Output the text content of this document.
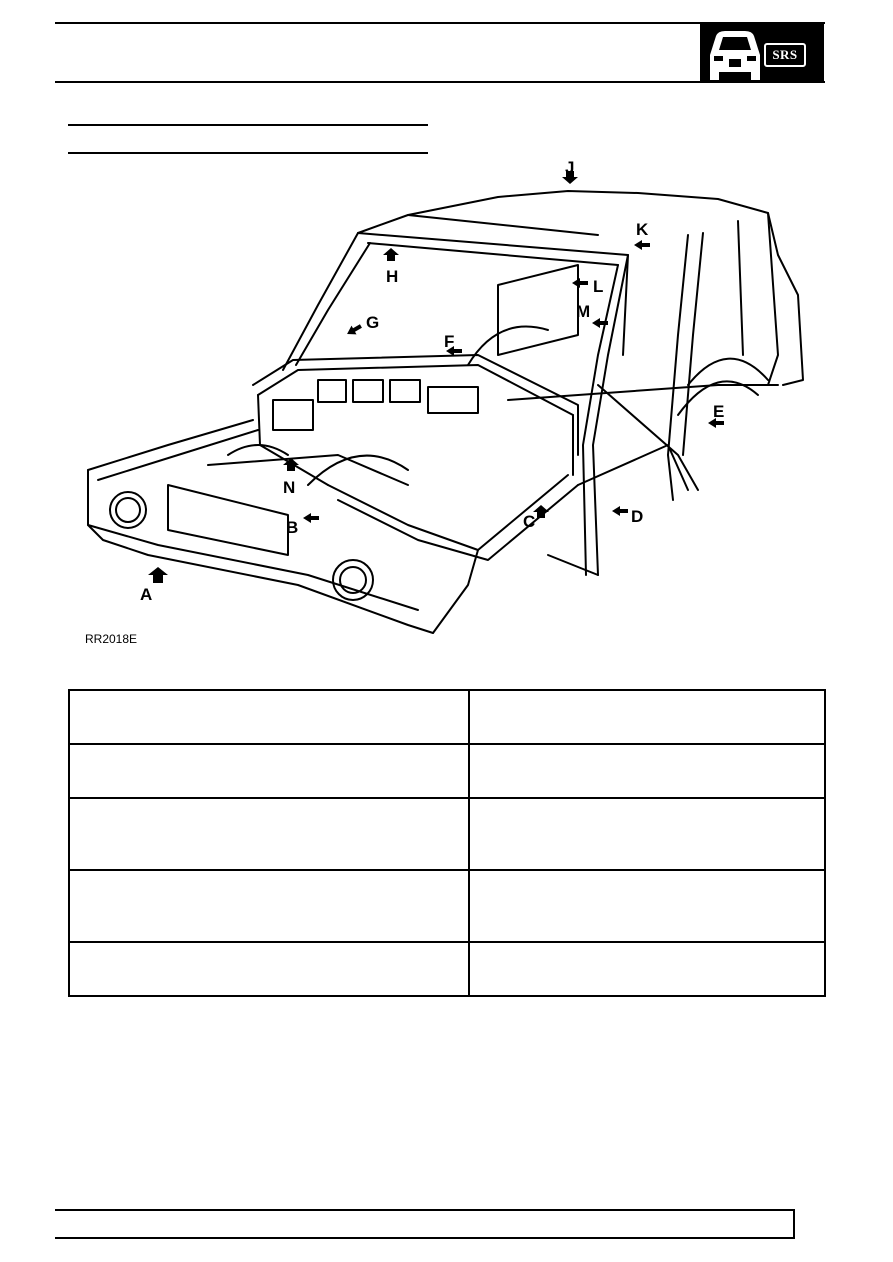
SRS
A
B	C	D
E
F
G
H
J
K
L
M
N
RR2018E
